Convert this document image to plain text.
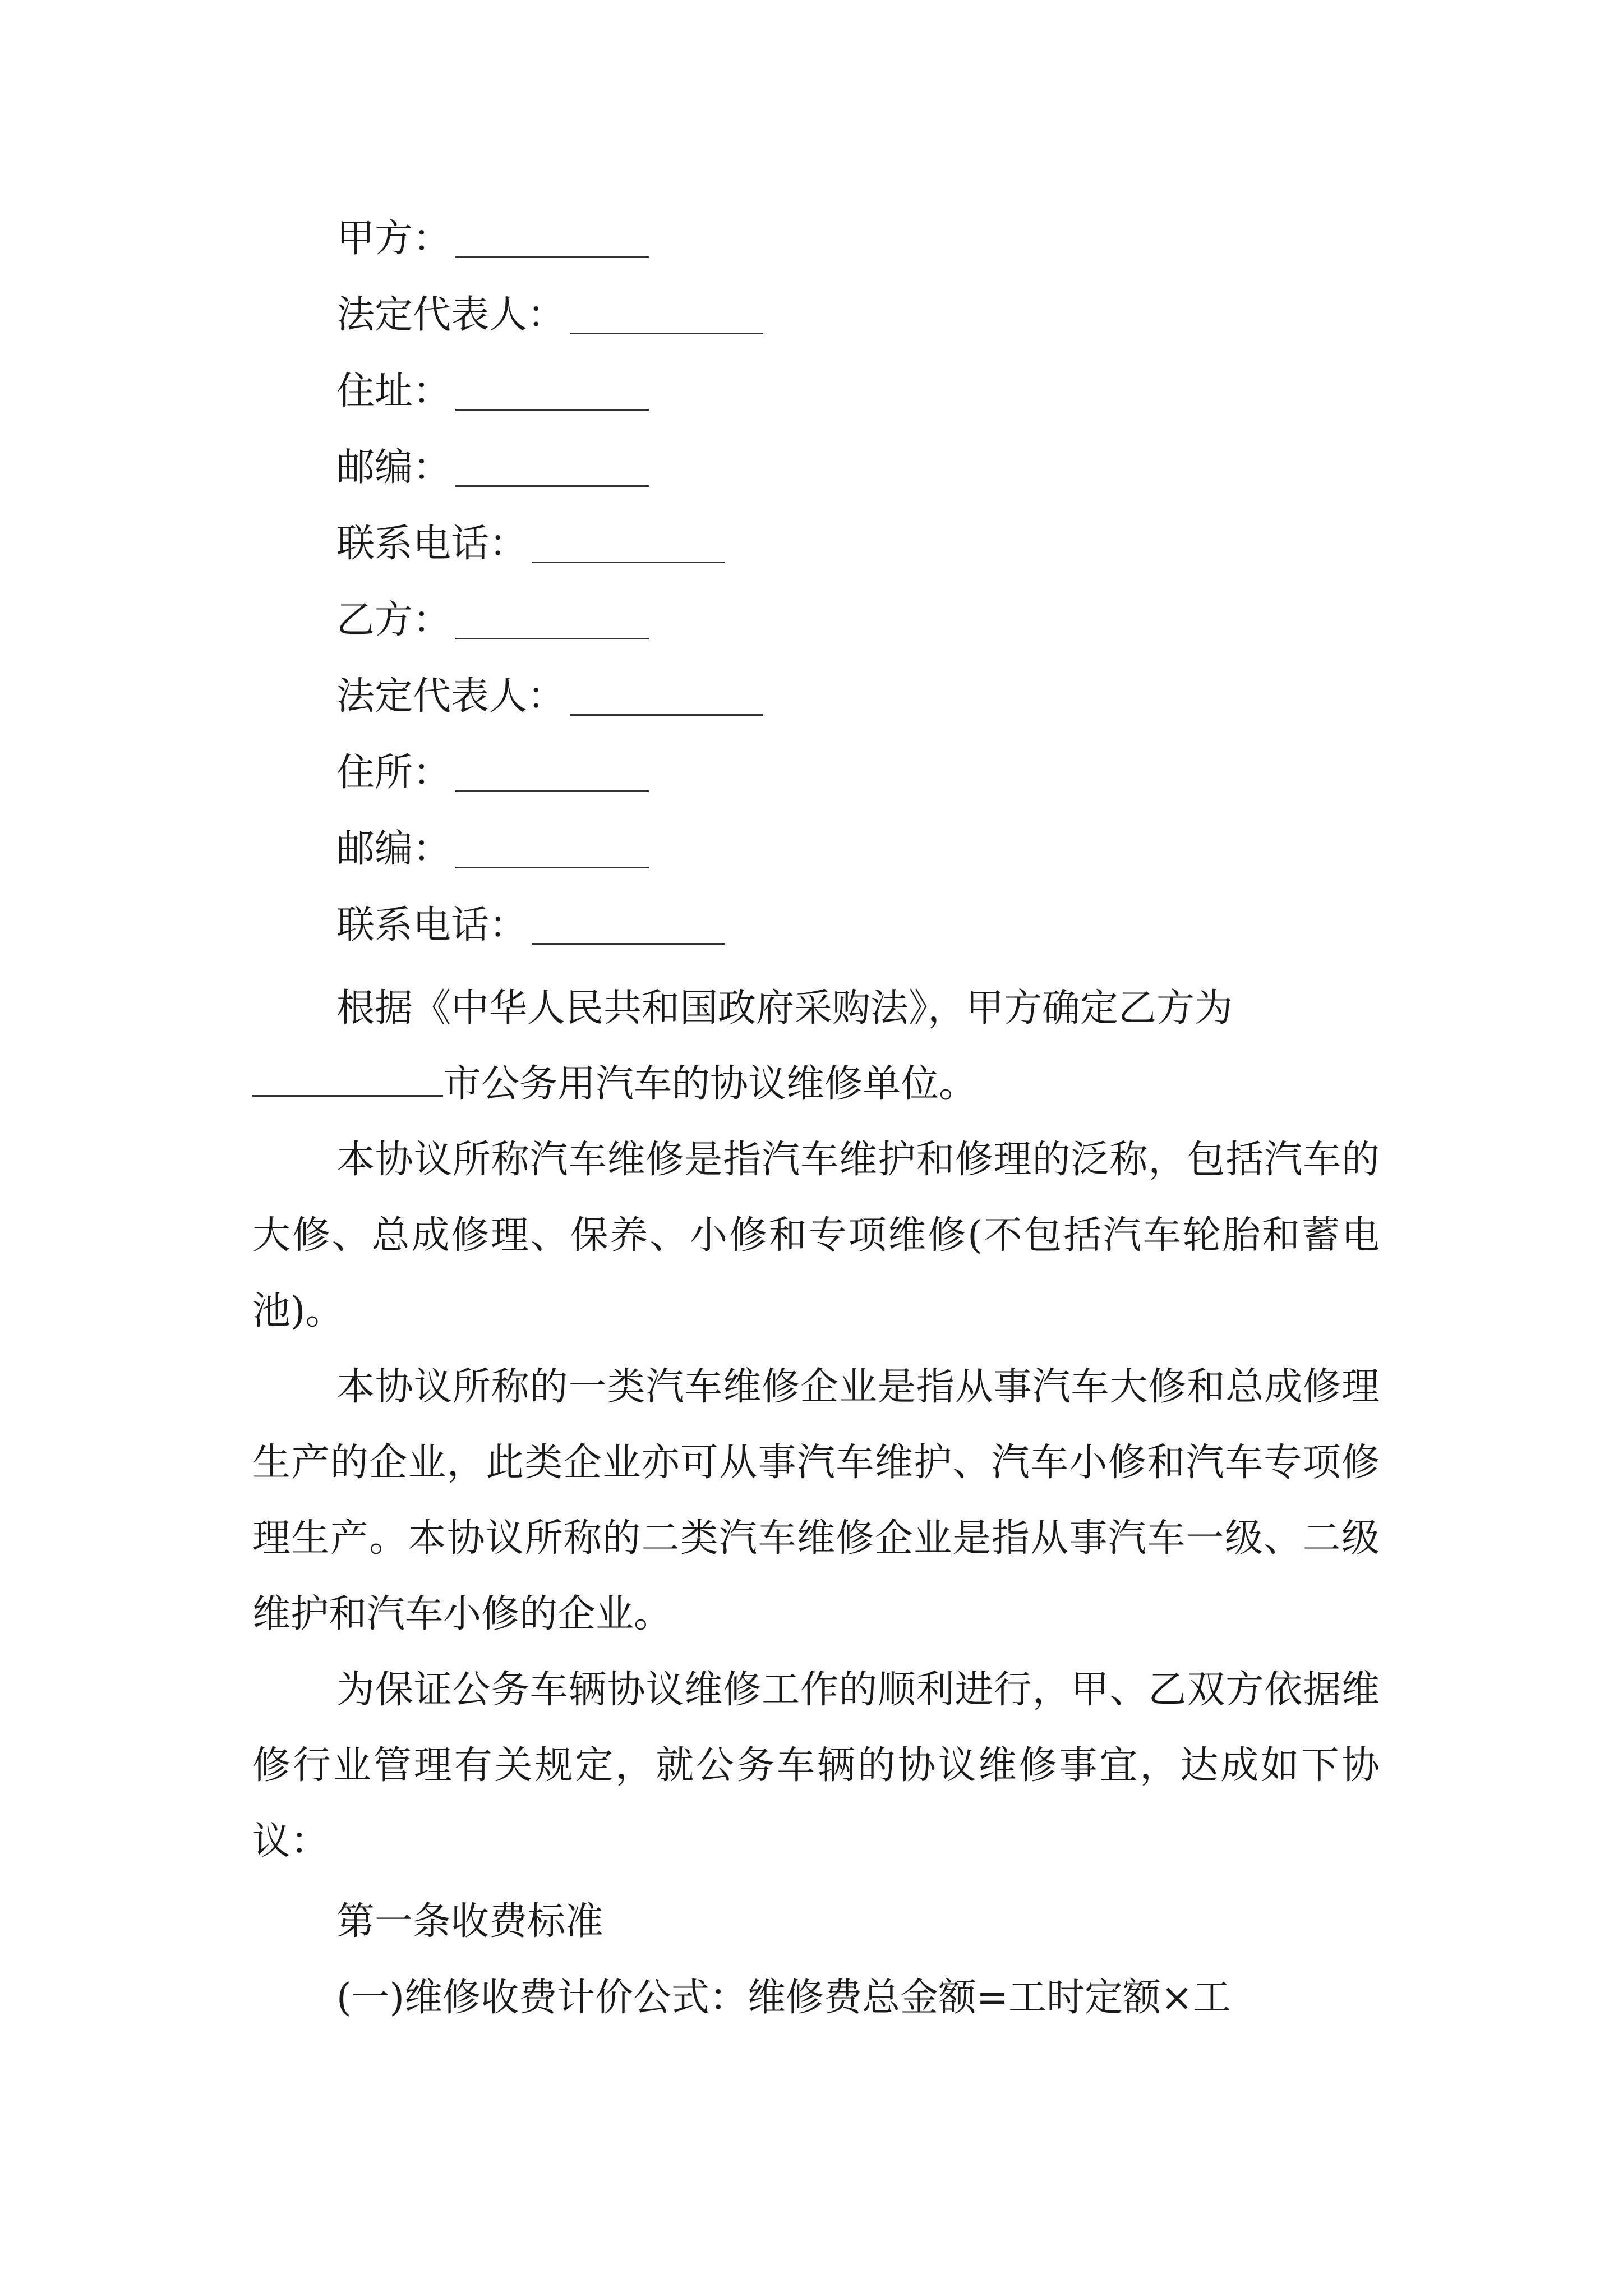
甲方：
法定代表人：
住址：
邮编：
联系电话：
乙方：
法定代表人：
住所：
邮编：
联系电话：
根据《中华人民共和国政府采购法》，甲方确定乙方为
市公务用汽车的协议维修单位。

本协议所称汽车维修是指汽车维护和修理的泛称，包括汽车的大修、总成修理、保养、小修和专项维修(不包括汽车轮胎和蓄电池)。

本协议所称的一类汽车维修企业是指从事汽车大修和总成修理生产的企业，此类企业亦可从事汽车维护、汽车小修和汽车专项修理生产。本协议所称的二类汽车维修企业是指从事汽车一级、二级维护和汽车小修的企业。

为保证公务车辆协议维修工作的顺利进行，甲、乙双方依据维修行业管理有关规定，就公务车辆的协议维修事宜，达成如下协议：

第一条收费标准
(一)维修收费计价公式：维修费总金额=工时定额×工
